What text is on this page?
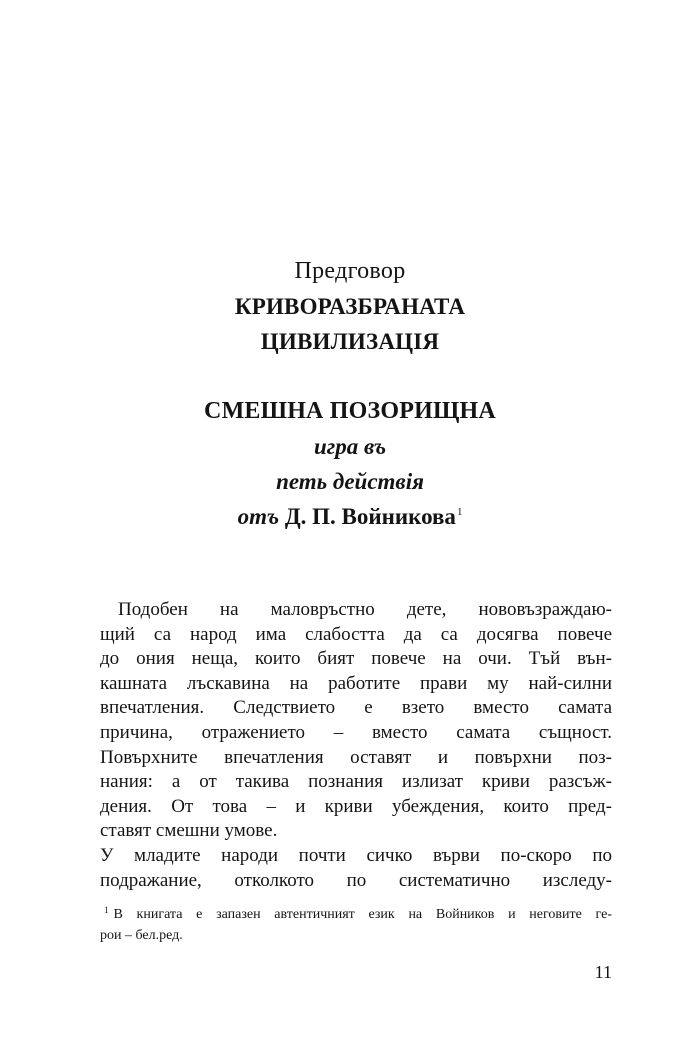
Предговор
КРИВОРАЗБРАНАТА
ЦИВИЛИЗАЦІЯ
СМЕШНА ПОЗОРИЩНА
игра въ
петь действія
отъ Д. П. Войникова$^1$
Подобен на маловръстно дете, нововъзраждаю-
щий са народ има слабостта да са досягва повече
до ония неща, които бият повече на очи. Тъй вън-
кашната лъскавина на работите прави му най-силни
впечатления. Следствието е взето вместо самата
причина, отражението – вместо самата същност.
Повърхните впечатления оставят и повърхни поз-
нания: а от такива познания излизат криви разсъж-
дения. От това – и криви убеждения, които пред-
ставят смешни умове.
У младите народи почти сичко върви по-скоро по
подражание, отколкото по систематично изследу-
1 В книгата е запазен автентичният език на Войников и неговите ге-
рои – бел.ред.
11
